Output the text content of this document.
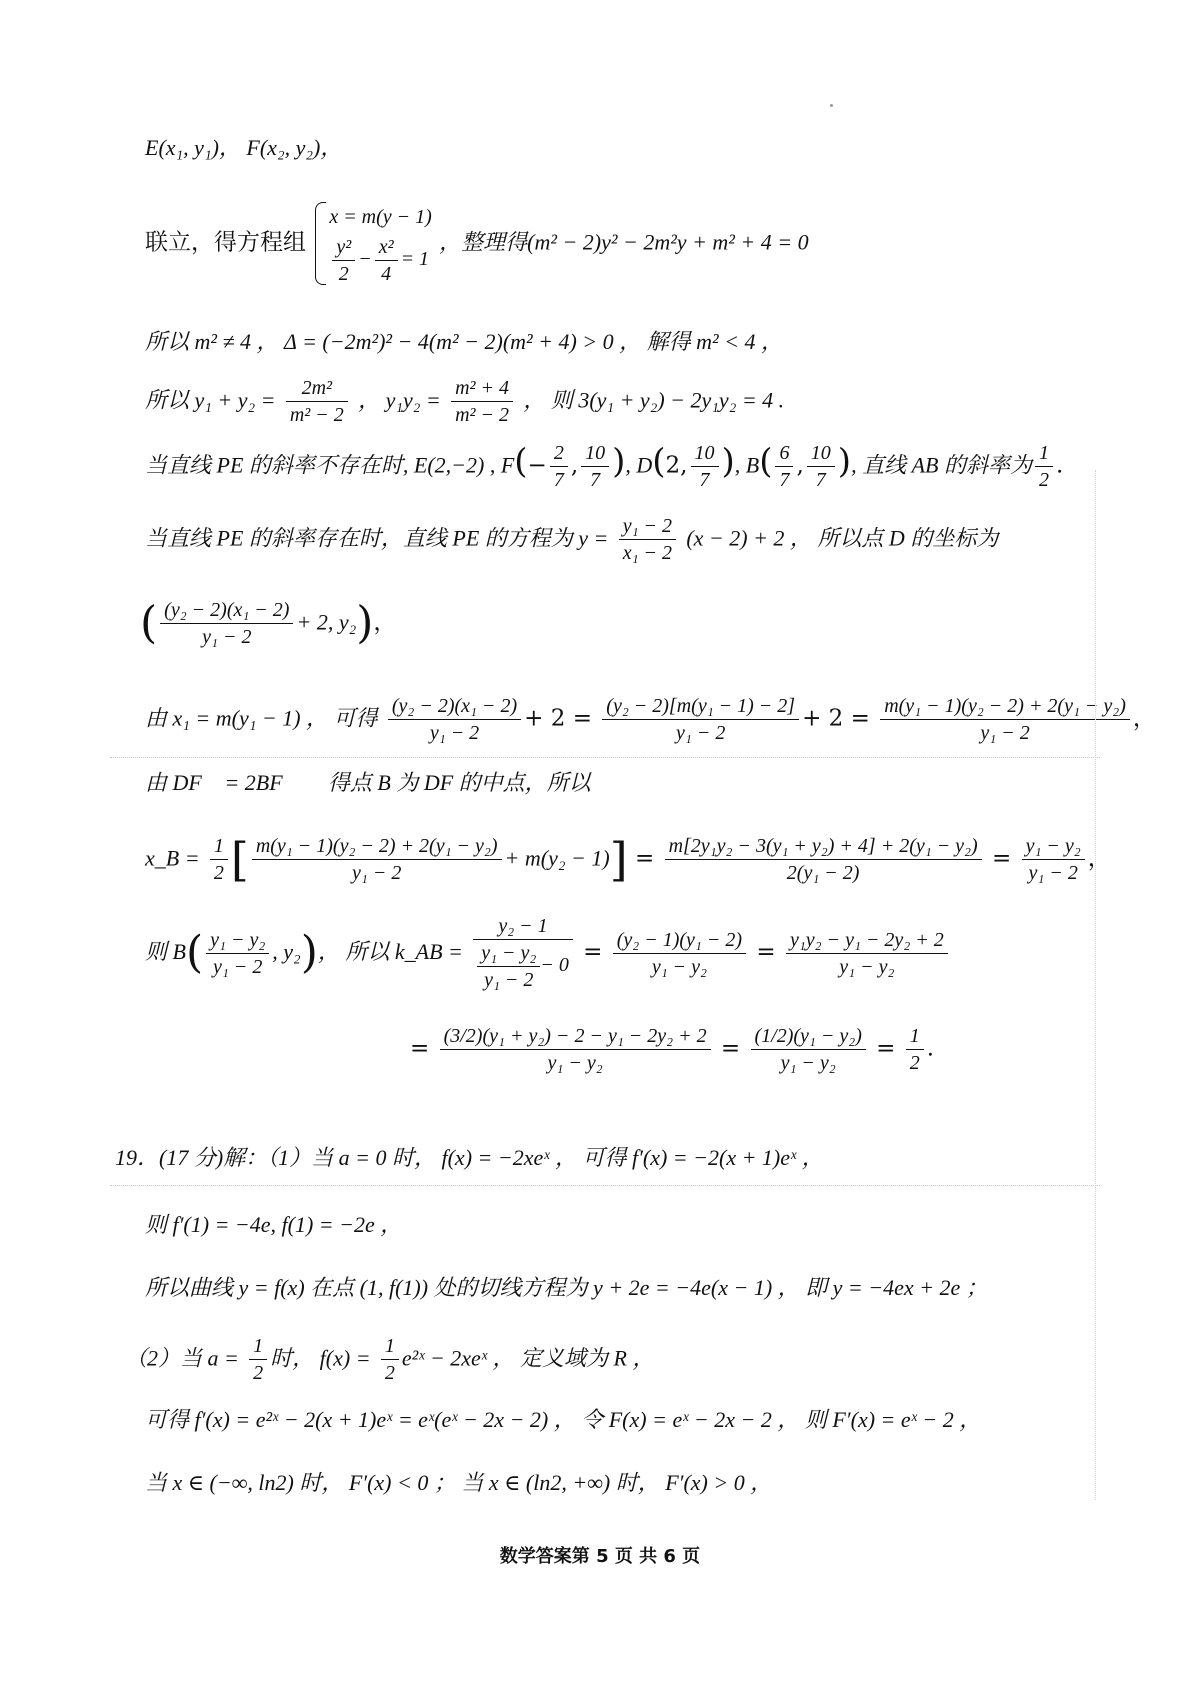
E(x₁, y₁)， F(x₂, y₂)，
联立，得方程组
x = m(y − 1)
$\frac{\text{y²}}{2} - \frac{\text{x²}}{4} = 1$
，整理得(m² − 2)y² − 2m²y + m² + 4 = 0
所以 m² ≠ 4 ， Δ = (−2m²)² − 4(m² − 2)(m² + 4) > 0 ， 解得 m² < 4 ，
所以 $y_1 + y_2 = \frac{\text{2m²}}{\text{m² − 2}}$ ， $y_1y_2 = \frac{\text{m² + 4}}{\text{m² − 2}}$ ， 则 3(y₁ + y₂) − 2y₁y₂ = 4 .
当直线 PE 的斜率不存在时, E(2,−2) , $F(- \frac{2}{7}$ , $\frac{10}{7}$ ), D(2, $\frac{10}{7}$ ), $B( \frac{6}{7}$ , $\frac{10}{7}$ ), 直线 AB 的斜率为 $\frac{1}{2}$ .
当直线 PE 的斜率存在时，直线 PE 的方程为 $y = \frac{\text{y₁ − 2}}{\text{x₁ − 2}} (x - 2) + 2$ ， 所以点 D 的坐标为
( $\frac{\text{(y₂ − 2)(x₁ − 2)}}{\text{y₁ − 2}} + 2$, y₂)，
由 x₁ = m(y₁ − 1) ， 可得 $\frac{\text{(y₂ − 2)(x₁ − 2)}}{\text{y₁ − 2}} + 2 = \frac{\text{(y₂ − 2)[m(y₁ − 1) − 2]}}{\text{y₁ − 2}} + 2 = \frac{\text{m(y₁ − 1)(y₂ − 2) + 2(y₁ − y₂)}}{\text{y₁ − 2}}$ ，
由 DF⃗ = 2BF⃗ ， 得点 B 为 DF 的中点，所以
x_B = $\frac{1}{2}$ [ $\frac{\text{m(y₁ − 1)(y₂ − 2) + 2(y₁ − y₂)}}{\text{y₁ − 2}} + m(y_2 - 1)] = \frac{\text{m[2y₁y₂ − 3(y₁ + y₂) + 4] + 2(y₁ − y₂)}}{\text{2(y₁ − 2)}} = \frac{\text{y₁ − y₂}}{\text{y₁ − 2}}$ ，
则 $B( \frac{\text{y₁ − y₂}}{\text{y₁ − 2}}$ , y₂)， 所以 k_AB = $\frac{\text{y₂ − 1}}{\frac{\text{y₁ − y₂}}{\text{y₁ − 2}} - 0} = \frac{\text{(y₂ − 1)(y₁ − 2)}}{\text{y₁ − y₂}} = \frac{\text{y₁y₂ − y₁ − 2y₂ + 2}}{\text{y₁ − y₂}}$
= $\frac{\text{(3/2)(y₁ + y₂) − 2 − y₁ − 2y₂ + 2}}{\text{y₁ − y₂}} = \frac{\text{(1/2)(y₁ − y₂)}}{\text{y₁ − y₂}} = \frac{1}{2}$ .
19．(17 分)解：（1）当 a = 0 时， f(x) = −2xeˣ ， 可得 f′(x) = −2(x + 1)eˣ ，
则 f′(1) = −4e, f(1) = −2e ，
所以曲线 y = f(x) 在点 (1, f(1)) 处的切线方程为 y + 2e = −4e(x − 1) ， 即 y = −4ex + 2e ；
（2）当 $a = \frac{1}{2}$ 时， $f(x) = \frac{1}{2}$ e²ˣ − 2xeˣ ， 定义域为 R ，
可得 f′(x) = e²ˣ − 2(x + 1)eˣ = eˣ(eˣ − 2x − 2) ， 令 F(x) = eˣ − 2x − 2 ， 则 F′(x) = eˣ − 2 ，
当 x ∈ (−∞, ln2) 时， F′(x) < 0 ； 当 x ∈ (ln2, +∞) 时， F′(x) > 0 ，
数学答案第 5 页 共 6 页
